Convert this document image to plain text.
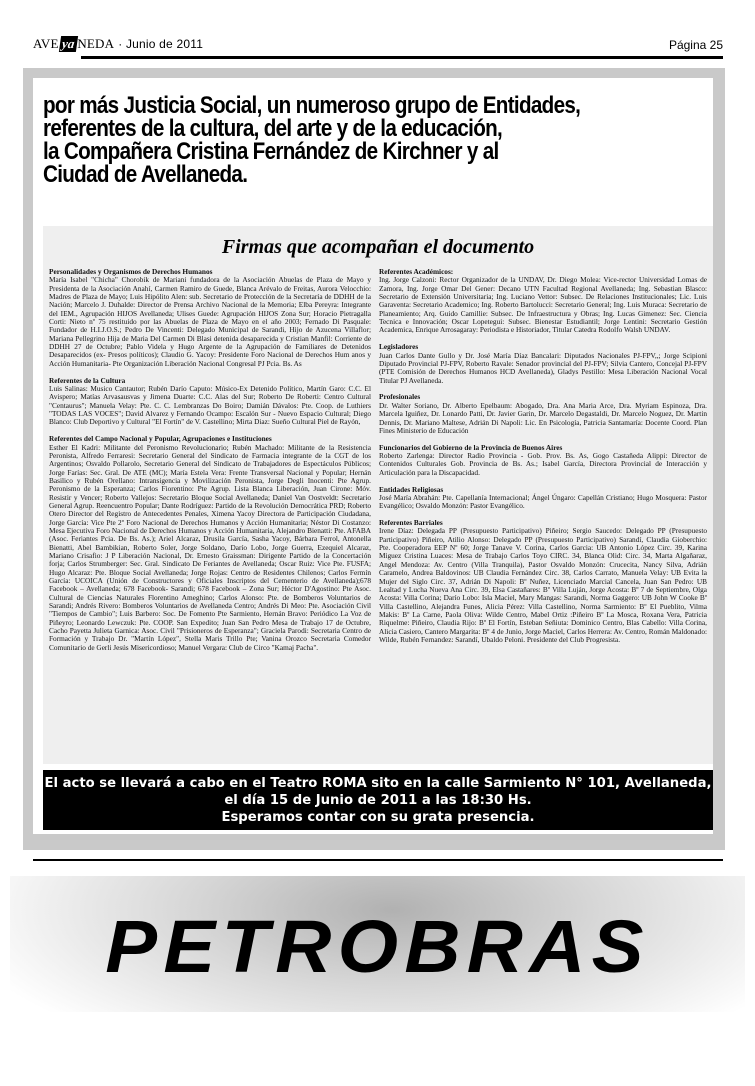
AVE ya NEDA · Junio de 2011	Página 25
por más Justicia Social, un numeroso grupo de Entidades,
referentes de la cultura, del arte y de la educación,
la Compañera Cristina Fernández de Kirchner y al
Ciudad de Avellaneda.
Firmas que acompañan el documento
Personalidades y Organismos de Derechos Humanos
María Isabel "Chicha" Chorobik de Mariani fundadora de la Asociación Abuelas de Plaza de Mayo y Presidenta de la Asociación Anahí, Carmen Ramiro de Guede, Blanca Arévalo de Freitas, Aurora Velocchio: Madres de Plaza de Mayo; Luis Hipólito Alen: sub. Secretario de Protección de la Secretaría de DDHH de la Nación; Marcelo J. Duhalde: Director de Prensa Archivo Nacional de la Memoria; Elba Pereyra: Integrante del IEM., Agrupación HIJOS Avellaneda; Ulises Guede: Agrupación HIJOS Zona Sur; Horacio Pietragalla Corti: Nieto nº 75 restituido por las Abuelas de Plaza de Mayo en el año 2003; Fernado Di Pasquale: Fundador de H.I.J.O.S.; Pedro De Vincenti: Delegado Municipal de Sarandi, Hijo de Azucena Villaflor; Mariana Pellegrino Hija de Maria Del Carmen Di Blasi detenida desaparecida y Cristian Manfil: Corriente de DDHH 27 de Octubre; Pablo Videla y Hugo Argente de la Agrupación de Familiares de Detenidos Desaparecidos (ex- Presos políticos); Claudio G. Yacoy: Presidente Foro Nacional de Derechos Hum anos y Acción Humanitaria- Pte Organización Liberación Nacional Congresal PJ Pcia. Bs. As
Referentes de la Cultura
Luis Salinas: Musico Cantautor; Rubén Darío Caputo: Músico-Ex Detenido Político, Martín Garo: C.C. El Avispero; Matías Arvasausvas y Jimena Duarte: C.C. Alas del Sur; Roberto De Roberti: Centro Cultural "Centaurus"; Manuela Velay: Pte. C. C. Lembranzas Do Boiro; Damián Dávalos: Pte. Coop. de Luthiers "TODAS LAS VOCES"; David Alvarez y Fernando Ocampo: Escalón Sur - Nuevo Espacio Cultural; Diego Blanco: Club Deportivo y Cultural "El Fortín" de V. Castellino; Mirta Diaz: Sueño Cultural Piel de Rayón,
Referentes del Campo Nacional y Popular, Agrupaciones e Instituciones
Esther El Kadri: Militante del Peronismo Revolucionario; Rubén Machado: Militante de la Resistencia Peronista, Alfredo Ferraresi: Secretario General del Sindicato de Farmacia integrante de la CGT de los Argentinos; Osvaldo Pollarolo, Secretario General del Sindicato de Trabajadores de Espectáculos Públicos; Jorge Farías: Sec. Gral. De ATE (MC); María Estela Vera: Frente Transversal Nacional y Popular; Hernán Basilico y Rubén Orellano: Intransigencia y Movilización Peronista, Jorge Degli Inocenti: Pte Agrup. Peronismo de la Esperanza; Carlos Fiorentino: Pte Agrup. Lista Blanca Liberación, Juan Cirone: Móv. Resistir y Vencer; Roberto Vallejos: Secretario Bloque Social Avellaneda; Daniel Van Oostveldt: Secretario General Agrup. Reencuentro Popular; Dante Rodríguez: Partido de la Revolución Democrática PRD; Roberto Otero Director del Registro de Antecedentes Penales, Ximena Yacoy Directora de Participación Ciudadana, Jorge García: Vice Pte 2º Foro Nacional de Derechos Humanos y Acción Humanitaria; Néstor Di Costanzo: Mesa Ejecutiva Foro Nacional de Derechos Humanos y Acción Humanitaria, Alejandro Bienatti: Pte. AFABA (Asoc. Feriantes Pcia. De Bs. As.); Ariel Alcaraz, Drusila García, Sasha Yacoy, Bárbara Ferrol, Antonella Bienatti, Abel Bambikian, Roberto Soler, Jorge Soldano, Darío Lobo, Jorge Guerra, Ezequiel Alcaraz, Mariano Crisafio: J P Liberación Nacional, Dr. Ernesto Graissman: Dirigente Partido de la Concertación forja; Carlos Strumberger: Sec. Gral. Sindicato De Feriantes de Avellaneda; Oscar Ruiz: Vice Pte. FUSFA; Hugo Alcaraz: Pte. Bloque Social Avellaneda; Jorge Rojas: Centro de Residentes Chilenos; Carlos Fermín García: UCOICA (Unión de Constructores y Oficiales Inscriptos del Cementerio de Avellaneda);678 Facebook – Avellaneda; 678 Facebook- Sarandi; 678 Facebook – Zona Sur; Héctor D'Agostino: Pte Asoc. Cultural de Ciencias Naturales Florentino Ameghino; Carlos Alonso: Pte. de Bomberos Voluntarios de Sarandi; Andrés Rivero: Bomberos Voluntarios de Avellaneda Centro; Andrés Di Meo: Pte. Asociación Civil "Tiempos de Cambio"; Luis Barbero: Soc. De Fomento Pte Sarmiento, Hernán Bravo: Periódico La Voz de Piñeyro; Leonardo Lewczuk: Pte. COOP. San Expedito; Juan San Pedro Mesa de Trabajo 17 de Octubre, Cacho Payetta Julieta Garnica: Asoc. Civil "Prisioneros de Esperanza"; Graciela Parodi: Secretaria Centro de Formación y Trabajo Dr. "Martín López", Stella Maris Trillo Pte; Vanina Orozco Secretaria Comedor Comunitario de Gerli Jesús Misericordioso; Manuel Vergara: Club de Circo "Kamaj Pacha".
Referentes Académicos:
Ing. Jorge Calzoni: Rector Organizador de la UNDAV, Dr. Diego Molea: Vice-rector Universidad Lomas de Zamora, Ing. Jorge Omar Del Gener: Decano UTN Facultad Regional Avellaneda; Ing. Sebastian Blasco: Secretario de Extensión Universitaria; Ing. Luciano Vettor: Subsec. De Relaciones Institucionales; Lic. Luis Garaventa: Secretario Academico; Ing. Roberto Bartolucci: Secretario General; Ing. Luis Muraca: Secretario de Planeamiento; Arq. Guido Camillie: Subsec. De Infraestructura y Obras; Ing. Lucas Gimenez: Sec. Ciencia Tecnica e Innovación; Oscar Lopetegui: Subsec. Bienestar Estudiantil; Jorge Lentini: Secretario Gestión Academica, Enrique Arrosagaray: Periodista e Historiador, Titular Catedra Rodolfo Walsh UNDAV.
Legisladores
Juan Carlos Dante Gullo y Dr. José María Díaz Bancalari: Diputados Nacionales PJ-FPV,,; Jorge Scipioni Diputado Provincial PJ-FPV, Roberto Ravale: Senador provincial del PJ-FPV; Silvia Cantero, Concejal PJ-FPV (PTE Comisión de Derechos Humanos HCD Avellaneda), Gladys Pestillo: Mesa Liberación Nacional Vocal Titular PJ Avellaneda.
Profesionales
Dr. Walter Soriano, Dr. Alberto Epelbaum: Abogado, Dra. Ana Maria Arce, Dra. Myriam Espinoza, Dra. Marcela Iguiñez, Dr. Lonardo Patti, Dr. Javier Garin, Dr. Marcelo Degastaldi, Dr. Marcelo Noguez, Dr. Martin Dennis, Dr. Mariano Maltese, Adrián Di Napoli: Lic. En Psicología, Patricia Santamaría: Docente Coord. Plan Fines Ministerio de Educación
Funcionarios del Gobierno de la Provincia de Buenos Aires
Roberto Zarlenga: Director Radio Provincia - Gob. Prov. Bs. As, Gogo Castañeda Alippi: Director de Contenidos Culturales Gob. Provincia de Bs. As.; Isabel García, Directora Provincial de Interacción y Articulación para la Discapacidad.
Entidades Religiosas
José María Abrahán: Pte. Capellanía Internacional; Ángel Úngaro: Capellán Cristiano; Hugo Mosquera: Pastor Evangélico; Osvaldo Monzón: Pastor Evangélico.
Referentes Barriales
Irene Díaz: Delegada PP (Presupuesto Participativo) Piñeiro; Sergio Saucedo: Delegado PP (Presupuesto Participativo) Piñeiro, Atilio Alonso: Delegado PP (Presupuesto Participativo) Sarandí, Claudia Gioberchio: Pte. Cooperadora EEP Nº 60; Jorge Tanave V. Corina, Carlos Garcia: UB Antonio López Circ. 39, Karina Miguez Cristina Luaces: Mesa de Trabajo Carlos Toyo CIRC. 34, Blanca Olid: Circ. 34, Marta Algañaraz, Angel Mendoza: Av. Centro (Villa Tranquila), Pastor Osvaldo Monzón: Crucecita, Nancy Silva, Adrián Caramelo, Andrea Baldovinos: UB Claudia Fernández Circ. 38, Carlos Carrato, Manuela Velay: UB Evita la Mujer del Siglo Circ. 37, Adrián Di Napoli: Bº Nuñez, Licenciado Marcial Cancela, Juan San Pedro: UB Lealtad y Lucha Nueva Ana Circ. 39, Elsa Castañares: Bº Villa Luján, Jorge Acosta: Bº 7 de Septiembre, Olga Acosta: Villa Corina; Darío Lobo: Isla Maciel, Mary Mangas: Sarandi, Norma Gaggero: UB John W Cooke Bº Villa Castellino, Alejandra Funes, Alicia Pérez: Villa Castellino, Norma Sarmiento: Bº El Pueblito, Vilma Makis: Bº La Carne, Paola Oliva: Wilde Centro, Mabel Ortiz :Piñeiro Bº La Mosca, Roxana Vera, Patricia Riquelme: Piñeiro, Claudia Rijo: Bº El Fortín, Esteban Señiuta: Dominico Centro, Blas Cabello: Villa Corina, Alicia Casiero, Cantero Margarita: Bº 4 de Junio, Jorge Maciel, Carlos Herrera: Av. Centro, Román Maldonado: Wilde, Rubén Fernandez: Sarandí, Ubaldo Peloni. Presidente del Club Progresista.
El acto se llevará a cabo en el Teatro ROMA sito en la calle Sarmiento N° 101, Avellaneda,
el día 15 de Junio de 2011 a las 18:30 Hs.
Esperamos contar con su grata presencia.
PETROBRAS
